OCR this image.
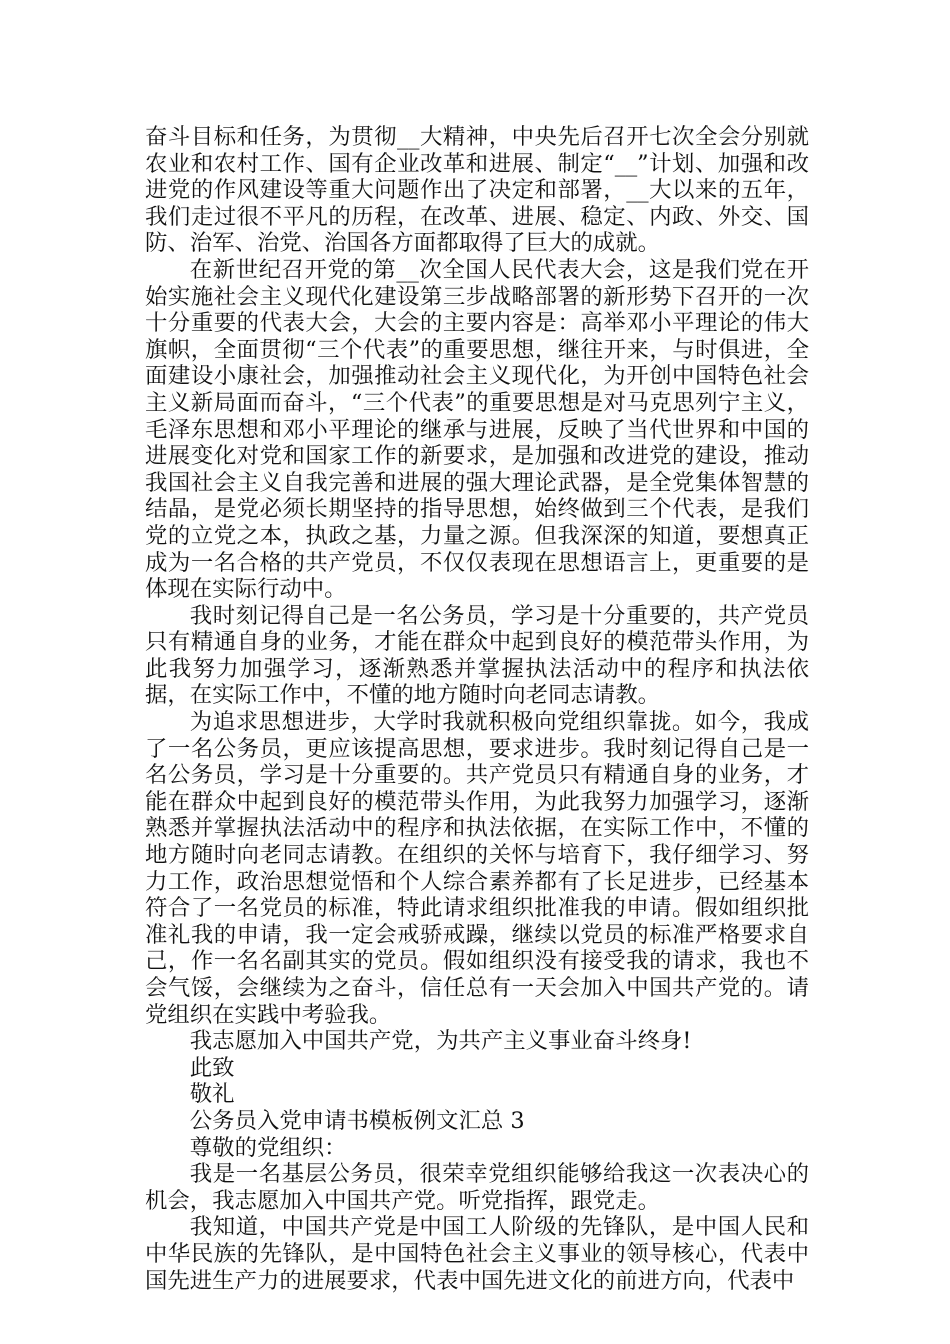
奋斗目标和任务，为贯彻__大精神，中央先后召开七次全会分别就农业和农村工作、国有企业改革和进展、制定“__”计划、加强和改进党的作风建设等重大问题作出了决定和部署，__大以来的五年，我们走过很不平凡的历程，在改革、进展、稳定、内政、外交、国防、治军、治党、治国各方面都取得了巨大的成就。

在新世纪召开党的第__次全国人民代表大会，这是我们党在开始实施社会主义现代化建设第三步战略部署的新形势下召开的一次十分重要的代表大会，大会的主要内容是：高举邓小平理论的伟大旗帜，全面贯彻“三个代表”的重要思想，继往开来，与时俱进，全面建设小康社会，加强推动社会主义现代化，为开创中国特色社会主义新局面而奋斗，“三个代表”的重要思想是对马克思列宁主义，毛泽东思想和邓小平理论的继承与进展，反映了当代世界和中国的进展变化对党和国家工作的新要求，是加强和改进党的建设，推动我国社会主义自我完善和进展的强大理论武器，是全党集体智慧的结晶，是党必须长期坚持的指导思想，始终做到三个代表，是我们党的立党之本，执政之基，力量之源。但我深深的知道，要想真正成为一名合格的共产党员，不仅仅表现在思想语言上，更重要的是体现在实际行动中。

我时刻记得自己是一名公务员，学习是十分重要的，共产党员只有精通自身的业务，才能在群众中起到良好的模范带头作用，为此我努力加强学习，逐渐熟悉并掌握执法活动中的程序和执法依据，在实际工作中，不懂的地方随时向老同志请教。

为追求思想进步，大学时我就积极向党组织靠拢。如今，我成了一名公务员，更应该提高思想，要求进步。我时刻记得自己是一名公务员，学习是十分重要的。共产党员只有精通自身的业务，才能在群众中起到良好的模范带头作用，为此我努力加强学习，逐渐熟悉并掌握执法活动中的程序和执法依据，在实际工作中，不懂的地方随时向老同志请教。在组织的关怀与培育下，我仔细学习、努力工作，政治思想觉悟和个人综合素养都有了长足进步，已经基本符合了一名党员的标准，特此请求组织批准我的申请。假如组织批准礼我的申请，我一定会戒骄戒躁，继续以党员的标准严格要求自己，作一名名副其实的党员。假如组织没有接受我的请求，我也不会气馁，会继续为之奋斗，信任总有一天会加入中国共产党的。请党组织在实践中考验我。

我志愿加入中国共产党，为共产主义事业奋斗终身!

此致

敬礼

公务员入党申请书模板例文汇总 3

尊敬的党组织：

我是一名基层公务员，很荣幸党组织能够给我这一次表决心的机会，我志愿加入中国共产党。听党指挥，跟党走。

我知道，中国共产党是中国工人阶级的先锋队，是中国人民和中华民族的先锋队，是中国特色社会主义事业的领导核心，代表中国先进生产力的进展要求，代表中国先进文化的前进方向，代表中
